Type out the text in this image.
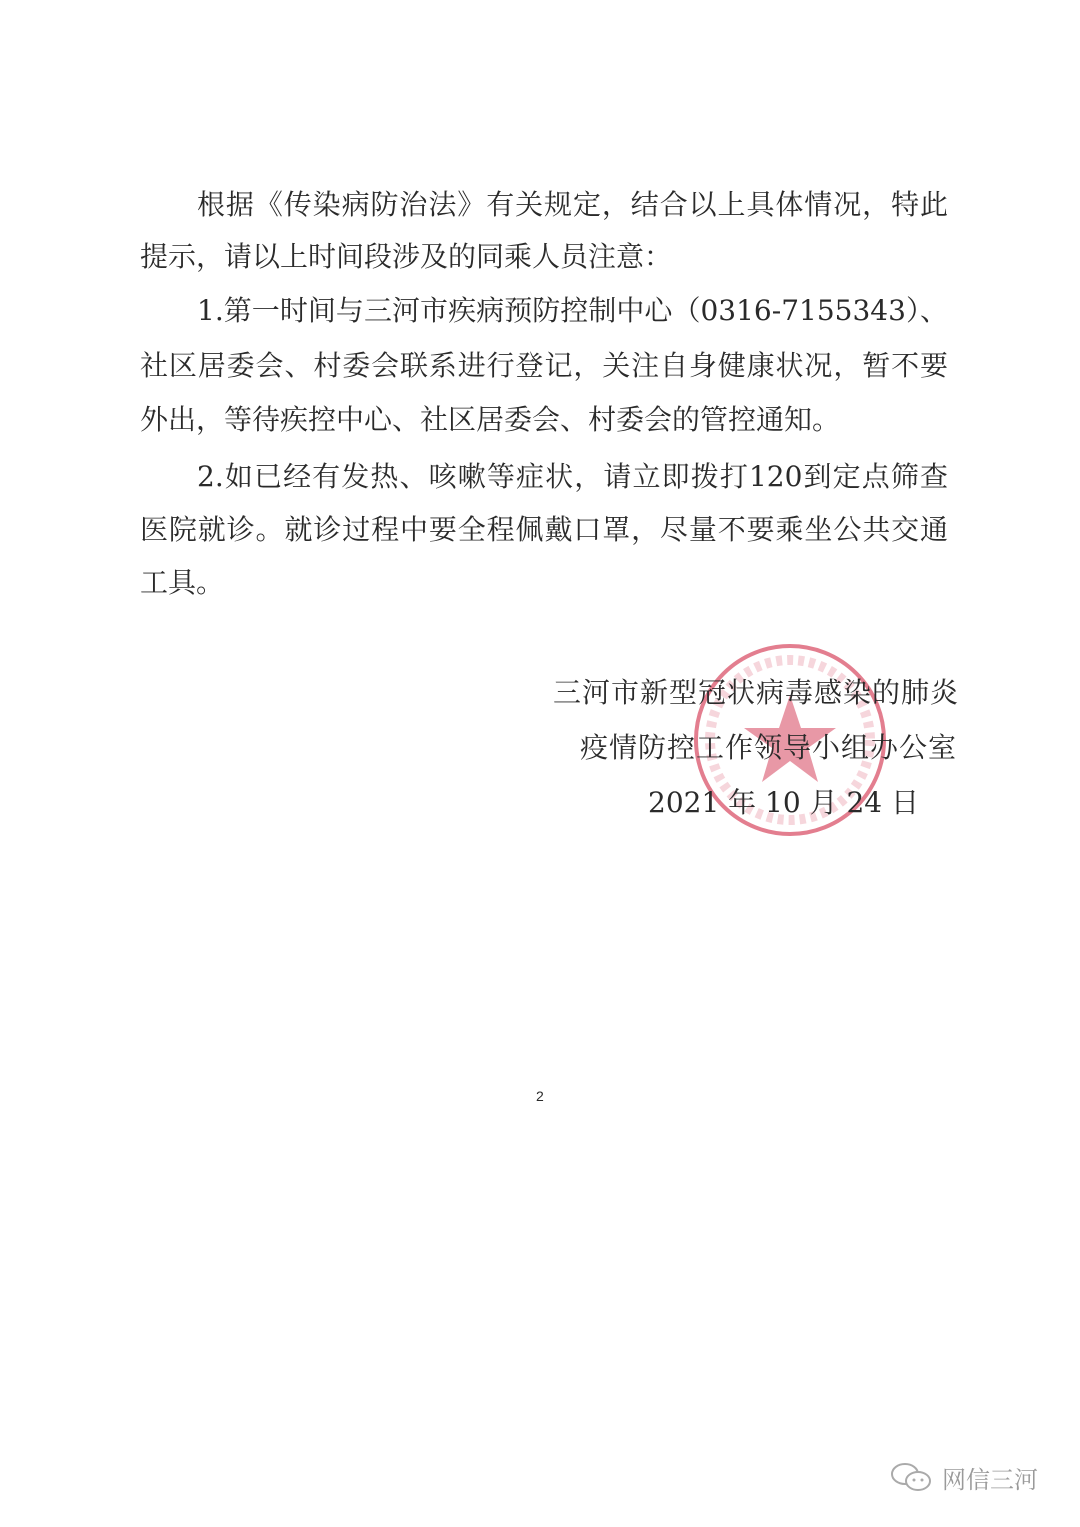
根据《传染病防治法》有关规定，结合以上具体情况，特此
提示，请以上时间段涉及的同乘人员注意：
1.第一时间与三河市疾病预防控制中心（0316-7155343）、
社区居委会、村委会联系进行登记，关注自身健康状况，暂不要
外出，等待疾控中心、社区居委会、村委会的管控通知。
2.如已经有发热、咳嗽等症状，请立即拨打120到定点筛查
医院就诊。就诊过程中要全程佩戴口罩，尽量不要乘坐公共交通
工具。
三河市新型冠状病毒感染的肺炎
疫情防控工作领导小组办公室
2021 年 10 月 24 日
2
网信三河
